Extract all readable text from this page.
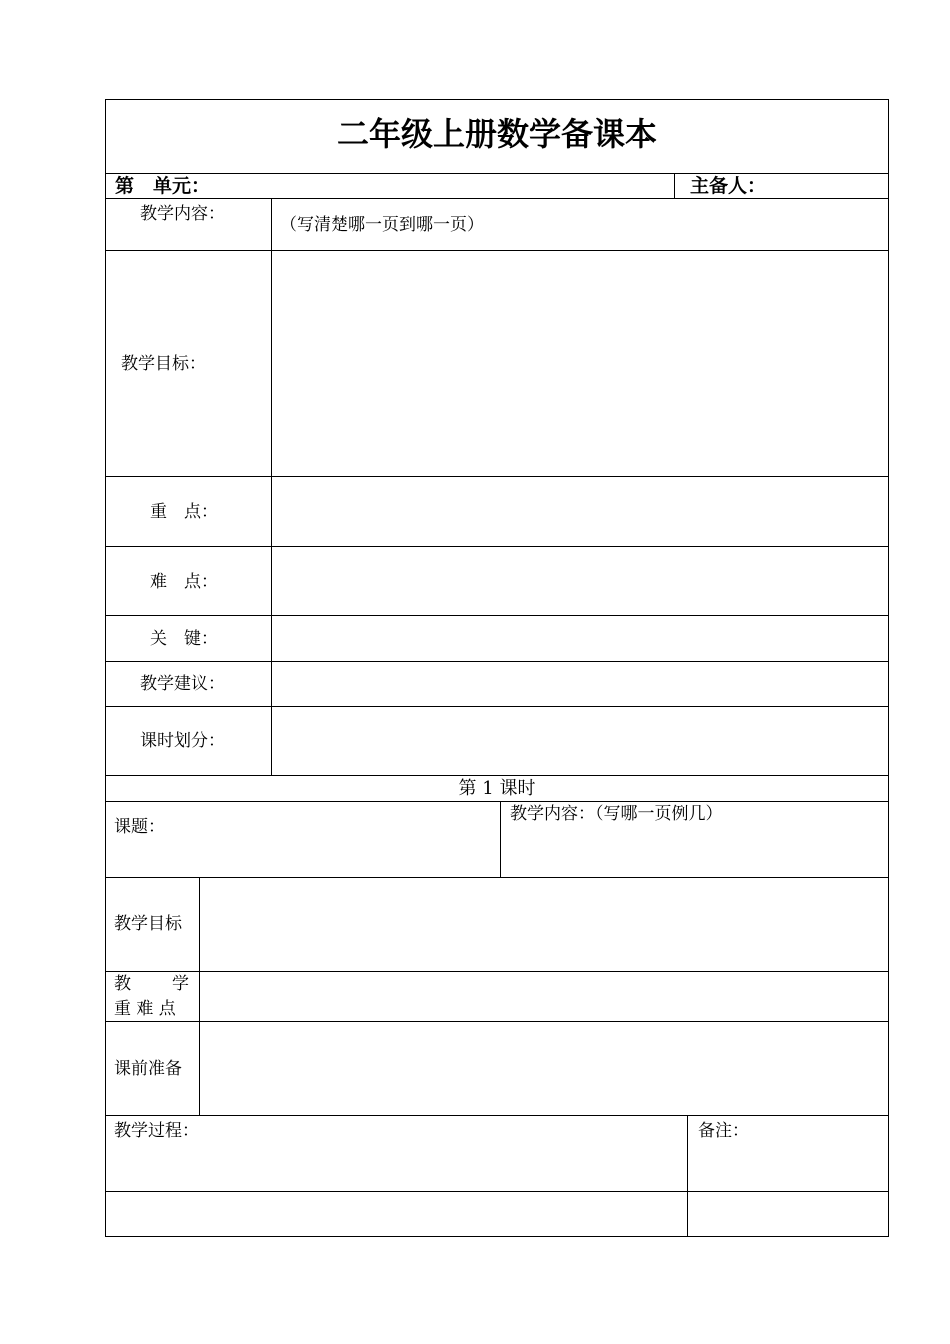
二年级上册数学备课本
第　单元：	主备人：
教学内容：
（写清楚哪一页到哪一页）
教学目标：
重　点：
难　点：
关　键：
教学建议：
课时划分：
第 1 课时
课题：
教学内容：（写哪一页例几）
教学目标
教 学
重 难 点
课前准备
教学过程：	备注：
